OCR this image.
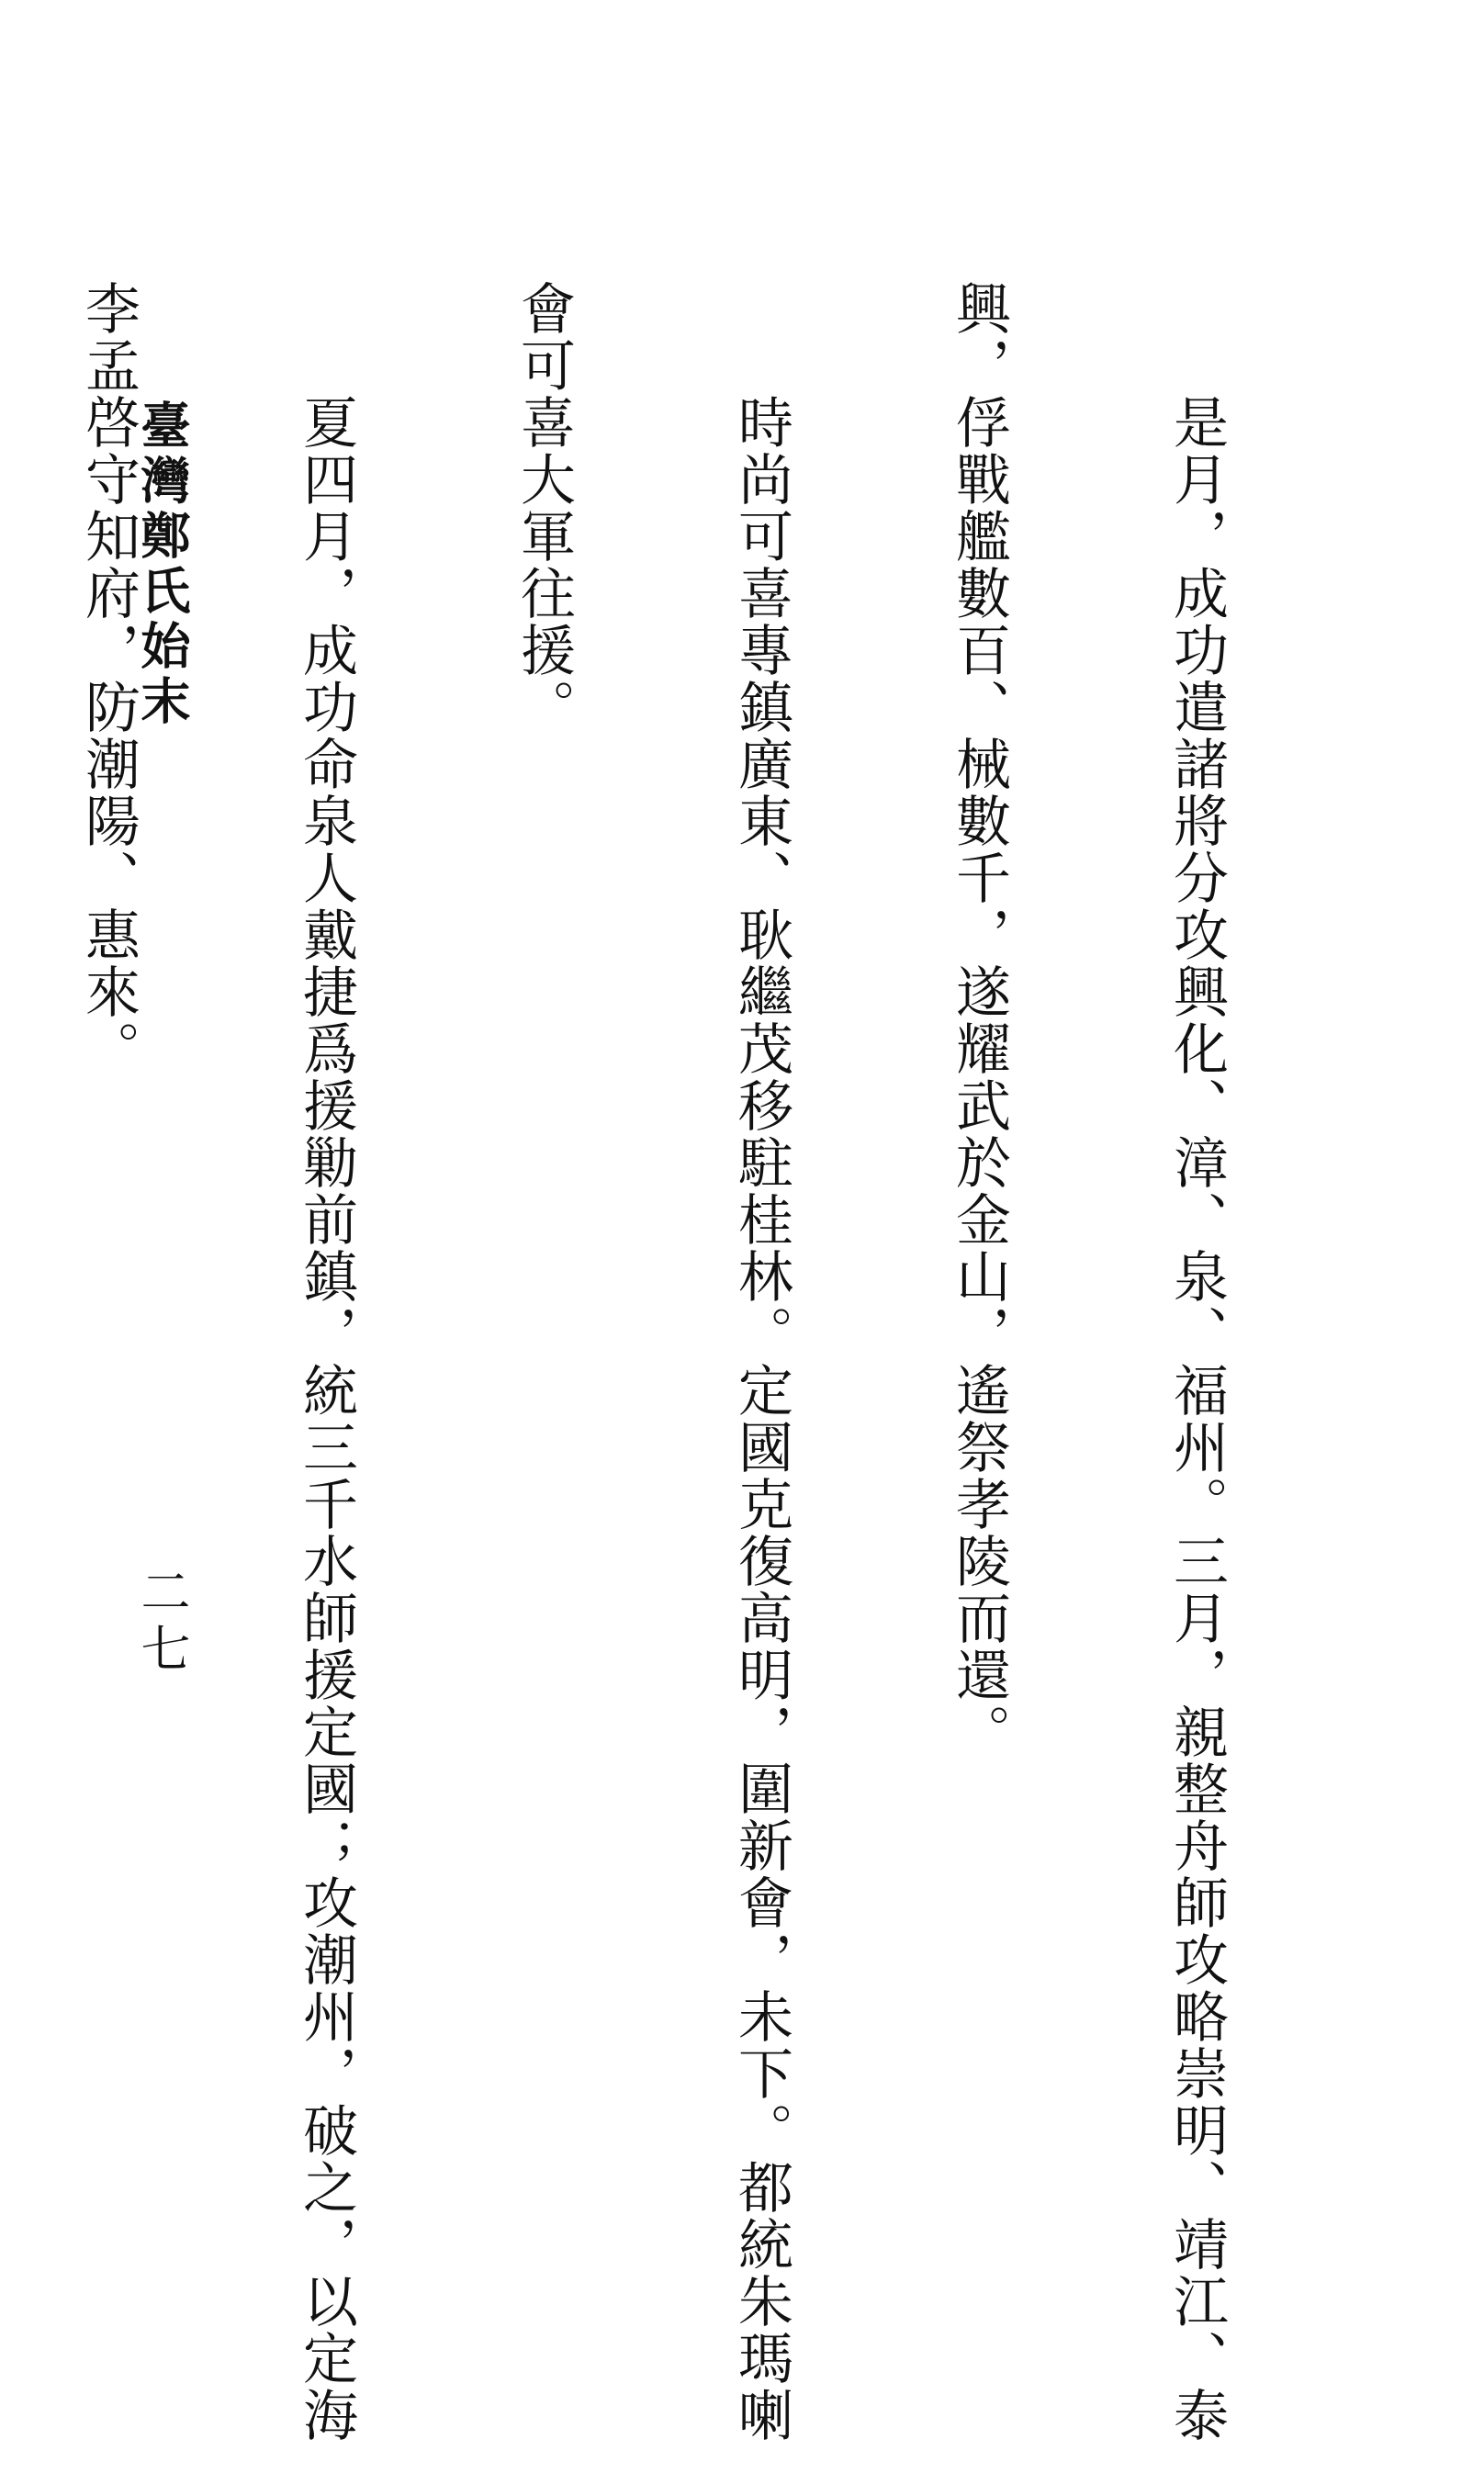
　　是月，成功遣諸將分攻興化、漳、泉、福州。三月，親整舟師攻略崇明、靖江、泰

興，俘戰艦數百、械數千，遂耀武於金山，遙祭孝陵而還。

　　時尚可喜專鎮廣東、耿繼茂移駐桂林。定國克復高明，圍新會，未下。都統朱瑪喇

會可喜大軍往援。

　　夏四月，成功命泉人戴捷爲援勦前鎮，統三千水師援定國；攻潮州，破之，以定海

李孟啓守知府，防潮陽、惠來。

臺灣鄭氏始末
二七
